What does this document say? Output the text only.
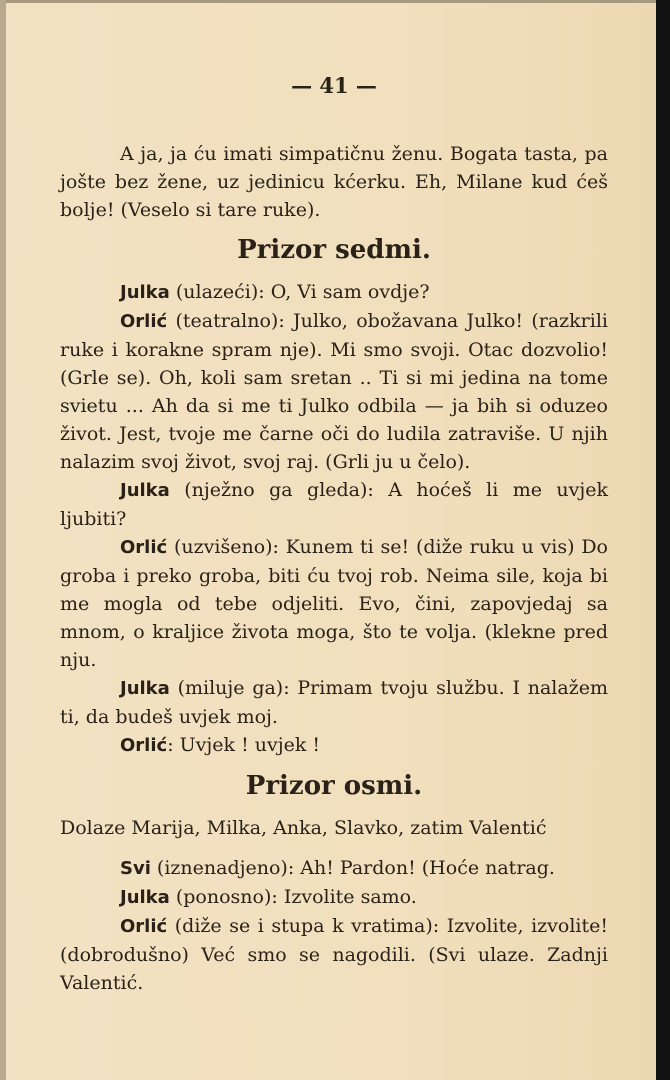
— 41 —

A ja, ja ću imati simpatičnu ženu. Bogata tasta, pa jošte bez žene, uz jedinicu kćerku. Eh, Milane kud ćeš bolje! (Veselo si tare ruke).

Prizor sedmi.

Julka (ulazeći): O, Vi sam ovdje?

Orlić (teatralno): Julko, obožavana Julko! (razkrili ruke i korakne spram nje). Mi smo svoji. Otac dozvolio! (Grle se). Oh, koli sam sretan .. Ti si mi jedina na tome svietu ... Ah da si me ti Julko odbila — ja bih si oduzeo život. Jest, tvoje me čarne oči do ludila zatraviše. U njih nalazim svoj život, svoj raj. (Grli ju u čelo).

Julka (nježno ga gleda): A hoćeš li me uvjek ljubiti?

Orlić (uzvišeno): Kunem ti se! (diže ruku u vis) Do groba i preko groba, biti ću tvoj rob. Neima sile, koja bi me mogla od tebe odjeliti. Evo, čini, zapovjedaj sa mnom, o kraljice života moga, što te volja. (klekne pred nju.

Julka (miluje ga): Primam tvoju službu. I nalažem ti, da budeš uvjek moj.

Orlić: Uvjek ! uvjek !

Prizor osmi.

Dolaze Marija, Milka, Anka, Slavko, zatim Valentić

Svi (iznenadjeno): Ah! Pardon! (Hoće natrag.

Julka (ponosno): Izvolite samo.

Orlić (diže se i stupa k vratima): Izvolite, izvolite! (dobrodušno) Već smo se nagodili. (Svi ulaze. Zadnji Valentić.
